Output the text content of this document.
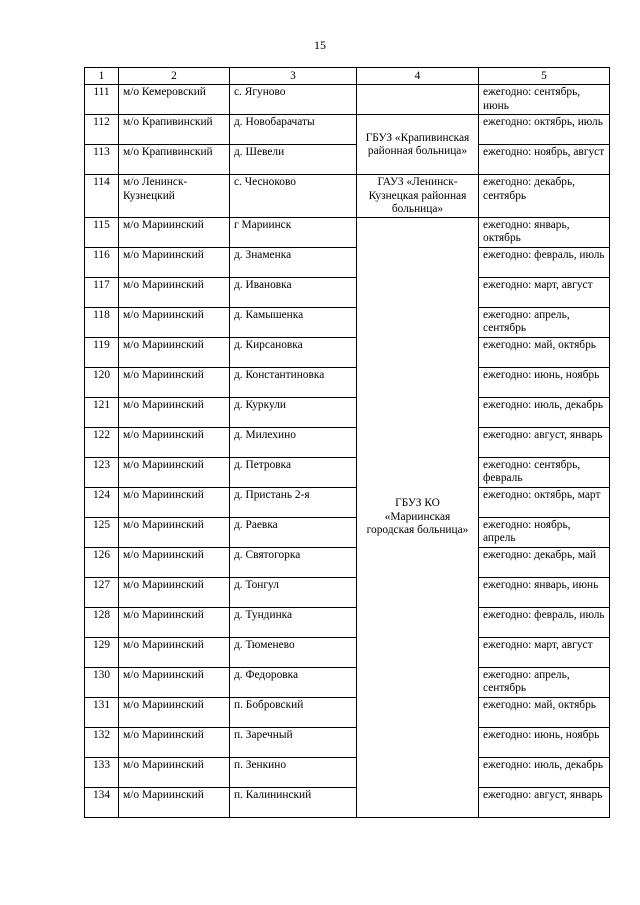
15
1	2	3	4	5
111	м/о Кемеровский	с. Ягуново		ежегодно: сентябрь, июнь
112	м/о Крапивинский	д. Новобарачаты	ГБУЗ «Крапивинская районная больница»	ежегодно: октябрь, июль
113	м/о Крапивинский	д. Шевели		ежегодно: ноябрь, август
114	м/о Ленинск-Кузнецкий	с. Чесноково	ГАУЗ «Ленинск-Кузнецкая районная больница»	ежегодно: декабрь, сентябрь
115	м/о Мариинский	г Мариинск	ГБУЗ КО «Мариинская городская больница»	ежегодно: январь, октябрь
116	м/о Мариинский	д. Знаменка		ежегодно: февраль, июль
117	м/о Мариинский	д. Ивановка		ежегодно: март, август
118	м/о Мариинский	д. Камышенка		ежегодно: апрель, сентябрь
119	м/о Мариинский	д. Кирсановка		ежегодно: май, октябрь
120	м/о Мариинский	д. Константиновка		ежегодно: июнь, ноябрь
121	м/о Мариинский	д. Куркули		ежегодно: июль, декабрь
122	м/о Мариинский	д. Милехино		ежегодно: август, январь
123	м/о Мариинский	д. Петровка		ежегодно: сентябрь, февраль
124	м/о Мариинский	д. Пристань 2-я		ежегодно: октябрь, март
125	м/о Мариинский	д. Раевка		ежегодно: ноябрь, апрель
126	м/о Мариинский	д. Святогорка		ежегодно: декабрь, май
127	м/о Мариинский	д. Тонгул		ежегодно: январь, июнь
128	м/о Мариинский	д. Тундинка		ежегодно: февраль, июль
129	м/о Мариинский	д. Тюменево		ежегодно: март, август
130	м/о Мариинский	д. Федоровка		ежегодно: апрель, сентябрь
131	м/о Мариинский	п. Бобровский		ежегодно: май, октябрь
132	м/о Мариинский	п. Заречный		ежегодно: июнь, ноябрь
133	м/о Мариинский	п. Зенкино		ежегодно: июль, декабрь
134	м/о Мариинский	п. Калининский		ежегодно: август, январь
